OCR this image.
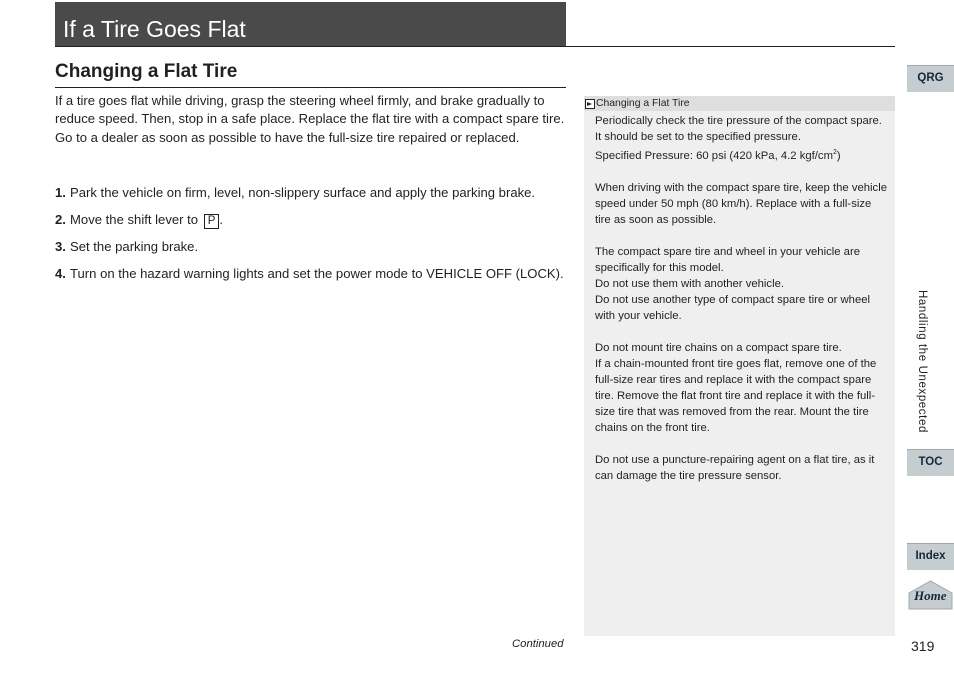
If a Tire Goes Flat
Changing a Flat Tire

If a tire goes flat while driving, grasp the steering wheel firmly, and brake gradually to reduce speed. Then, stop in a safe place. Replace the flat tire with a compact spare tire. Go to a dealer as soon as possible to have the full-size tire repaired or replaced.

1. Park the vehicle on firm, level, non-slippery surface and apply the parking brake.
2. Move the shift lever to P .
3. Set the parking brake.
4. Turn on the hazard warning lights and set the power mode to VEHICLE OFF (LOCK).
Changing a Flat Tire

Periodically check the tire pressure of the compact spare. It should be set to the specified pressure.
Specified Pressure: 60 psi (420 kPa, 4.2 kgf/$cm^2$)

When driving with the compact spare tire, keep the vehicle speed under 50 mph (80 km/h). Replace with a full-size tire as soon as possible.

The compact spare tire and wheel in your vehicle are specifically for this model.
Do not use them with another vehicle.
Do not use another type of compact spare tire or wheel with your vehicle.

Do not mount tire chains on a compact spare tire.
If a chain-mounted front tire goes flat, remove one of the full-size rear tires and replace it with the compact spare tire. Remove the flat front tire and replace it with the full-size tire that was removed from the rear. Mount the tire chains on the front tire.

Do not use a puncture-repairing agent on a flat tire, as it can damage the tire pressure sensor.

Continued	319
QRG
Handling the Unexpected
TOC
Index
Home
